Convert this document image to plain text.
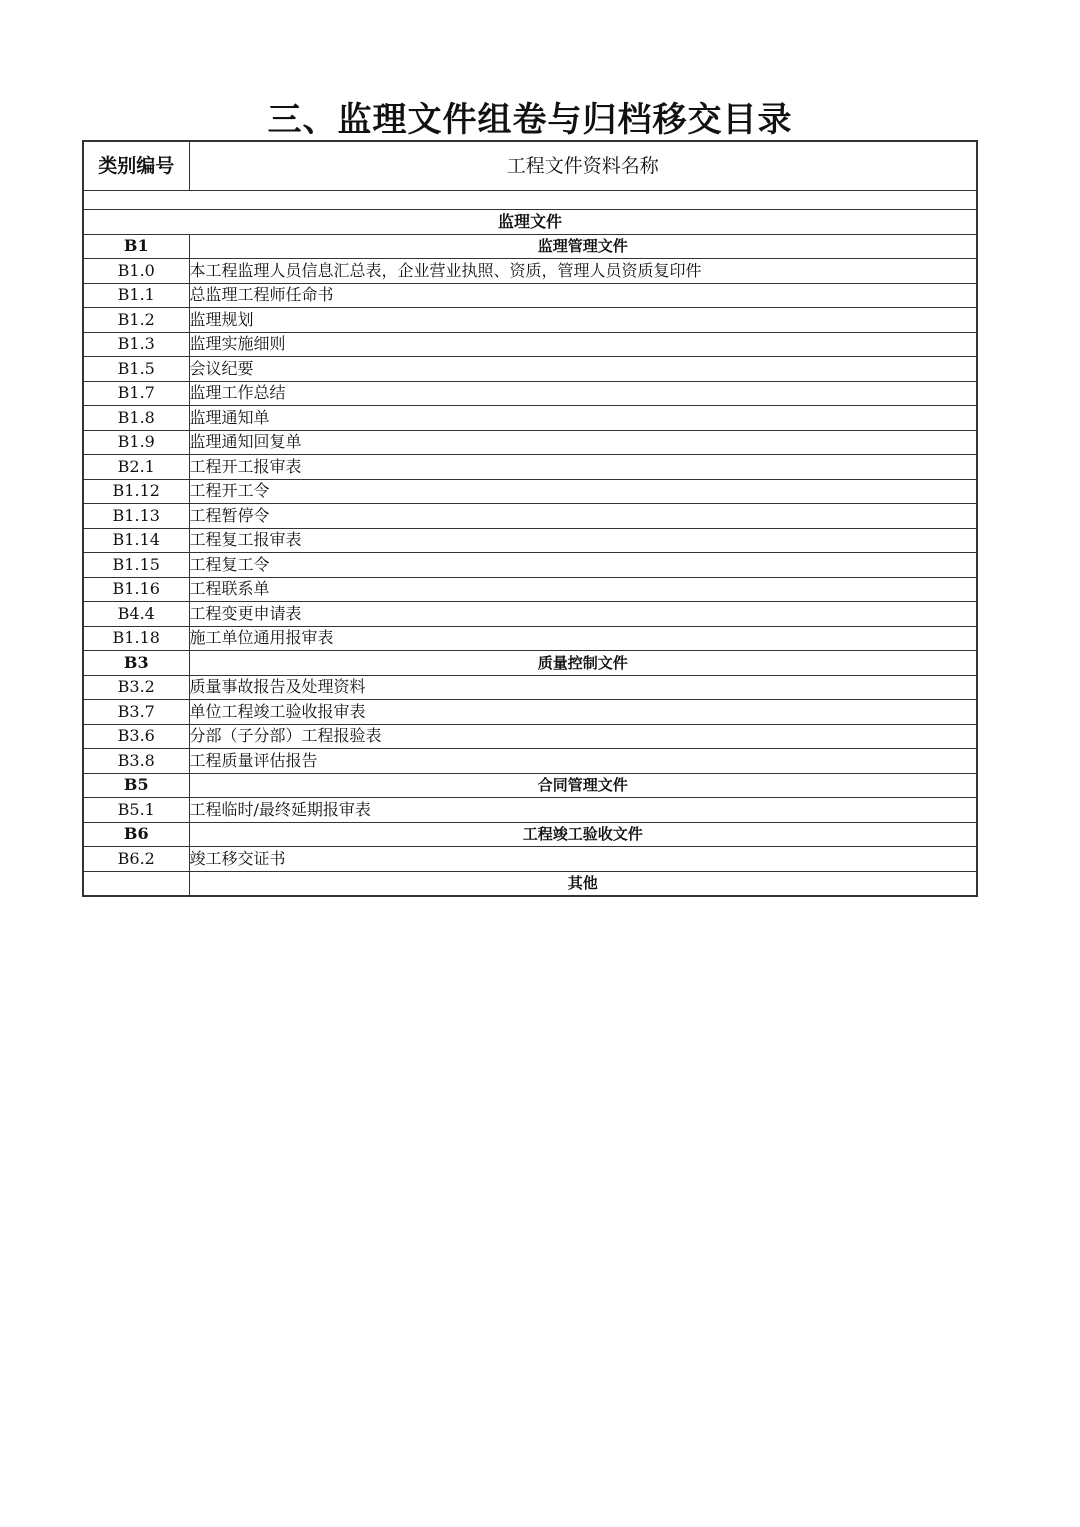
三、监理文件组卷与归档移交目录
类别编号	工程文件资料名称

监理文件	
B1	监理管理文件
B1.0	本工程监理人员信息汇总表，企业营业执照、资质，管理人员资质复印件
B1.1	总监理工程师任命书
B1.2	监理规划
B1.3	监理实施细则
B1.5	会议纪要
B1.7	监理工作总结
B1.8	监理通知单
B1.9	监理通知回复单
B2.1	工程开工报审表
B1.12	工程开工令
B1.13	工程暂停令
B1.14	工程复工报审表
B1.15	工程复工令
B1.16	工程联系单
B4.4	工程变更申请表
B1.18	施工单位通用报审表
B3	质量控制文件
B3.2	质量事故报告及处理资料
B3.7	单位工程竣工验收报审表
B3.6	分部（子分部）工程报验表
B3.8	工程质量评估报告
B5	合同管理文件
B5.1	工程临时/最终延期报审表
B6	工程竣工验收文件
B6.2	竣工移交证书
	其他
